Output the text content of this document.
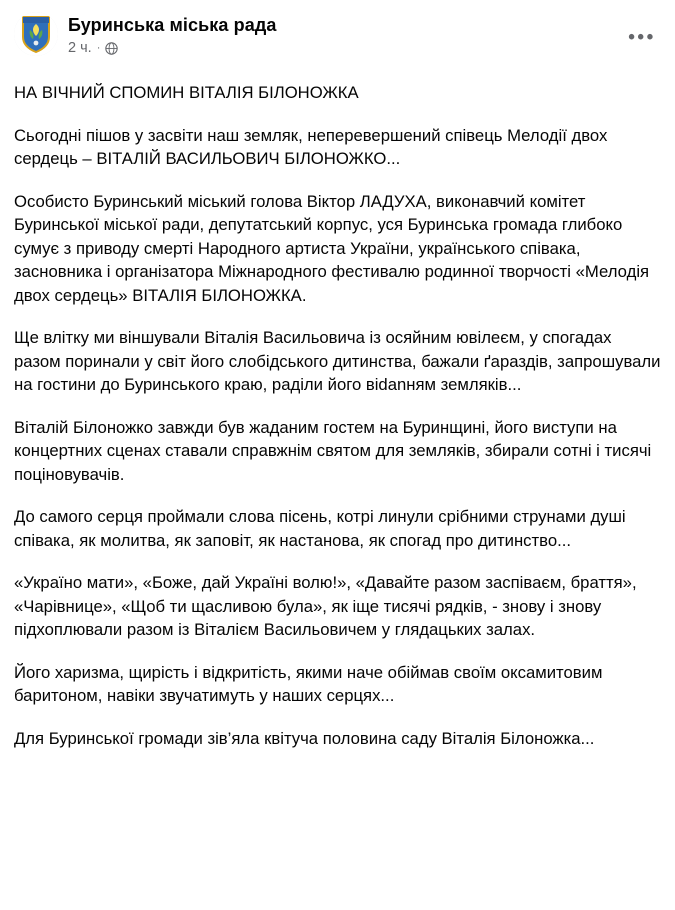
Буринська міська рада
2 ч. ·
•••

НА ВІЧНИЙ СПОМИН ВІТАЛІЯ БІЛОНОЖКА

Сьогодні пішов у засвіти наш земляк, неперевершений співець Мелодії двох сердець – ВІТАЛІЙ ВАСИЛЬОВИЧ БІЛОНОЖКО...

Особисто Буринський міський голова Віктор ЛАДУХА, виконавчий комітет Буринської міської ради, депутатський корпус, уся Буринська громада глибоко сумує з приводу смерті Народного артиста України, українського співака, засновника і організатора Міжнародного фестивалю родинної творчості «Мелодія двох сердець» ВІТАЛІЯ БІЛОНОЖКА.

Ще влітку ми віншували Віталія Васильовича із осяйним ювілеєм, у спогадах разом поринали у світ його слобідського дитинства, бажали ґараздів, запрошували на гостини до Буринського краю, раділи його віdanням земляків...

Віталій Білоножко завжди був жаданим гостем на Буринщині, його виступи на концертних сценах ставали справжнім святом для земляків, збирали сотні і тисячі поціновувачів.

До самого серця проймали слова пісень, котрі линули срібними струнами душі співака, як молитва, як заповіт, як настанова, як спогад про дитинство...

«Україно мати», «Боже, дай Україні волю!», «Давайте разом заспіваєм, браття», «Чарівнице», «Щоб ти щасливою була», як іще тисячі рядків, - знову і знову підхоплювали разом із Віталієм Васильовичем у глядацьких залах.

Його харизма, щирість і відкритість, якими наче обіймав своїм оксамитовим баритоном, навіки звучатимуть у наших серцях...

Для Буринської громади зів’яла квітуча половина саду Віталія Білоножка...
